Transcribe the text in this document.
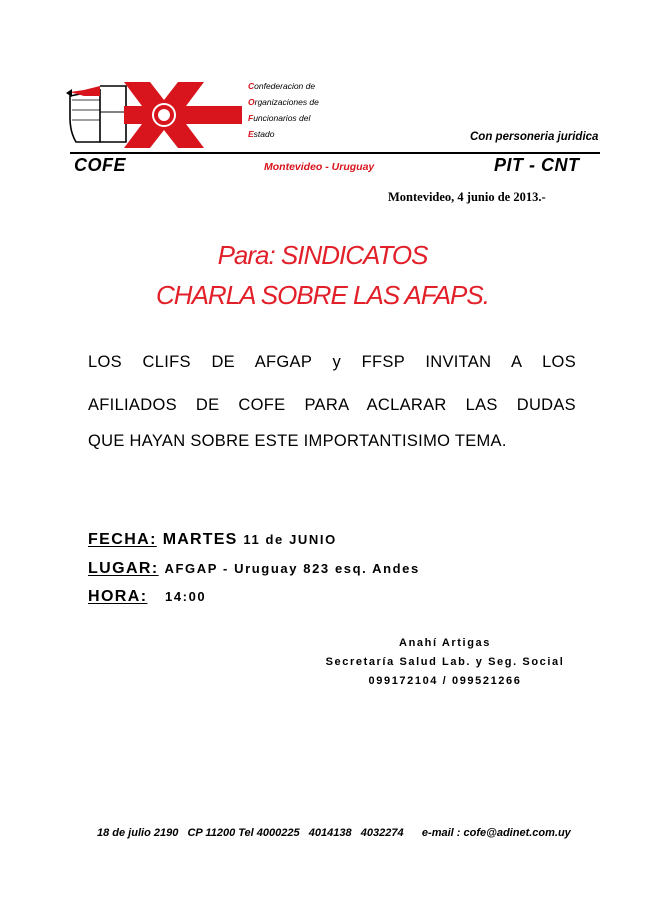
Confederacion de
Organizaciones de
Funcionarios del
Estado	Con personeria juridica
COFE	Montevideo - Uruguay	PIT - CNT
Montevideo, 4 junio de 2013.-
Para: SINDICATOS
CHARLA SOBRE LAS AFAPS.
LOS CLIFS DE AFGAP y FFSP INVITAN A LOS
AFILIADOS DE COFE PARA ACLARAR LAS DUDAS
QUE HAYAN SOBRE ESTE IMPORTANTISIMO TEMA.
FECHA: MARTES 11 de JUNIO
LUGAR: AFGAP - Uruguay 823 esq. Andes
HORA: 14:00
Anahí Artigas
Secretaría Salud Lab. y Seg. Social
099172104 / 099521266
18 de julio 2190   CP 11200 Tel 4000225   4014138   4032274      e-mail : cofe@adinet.com.uy
